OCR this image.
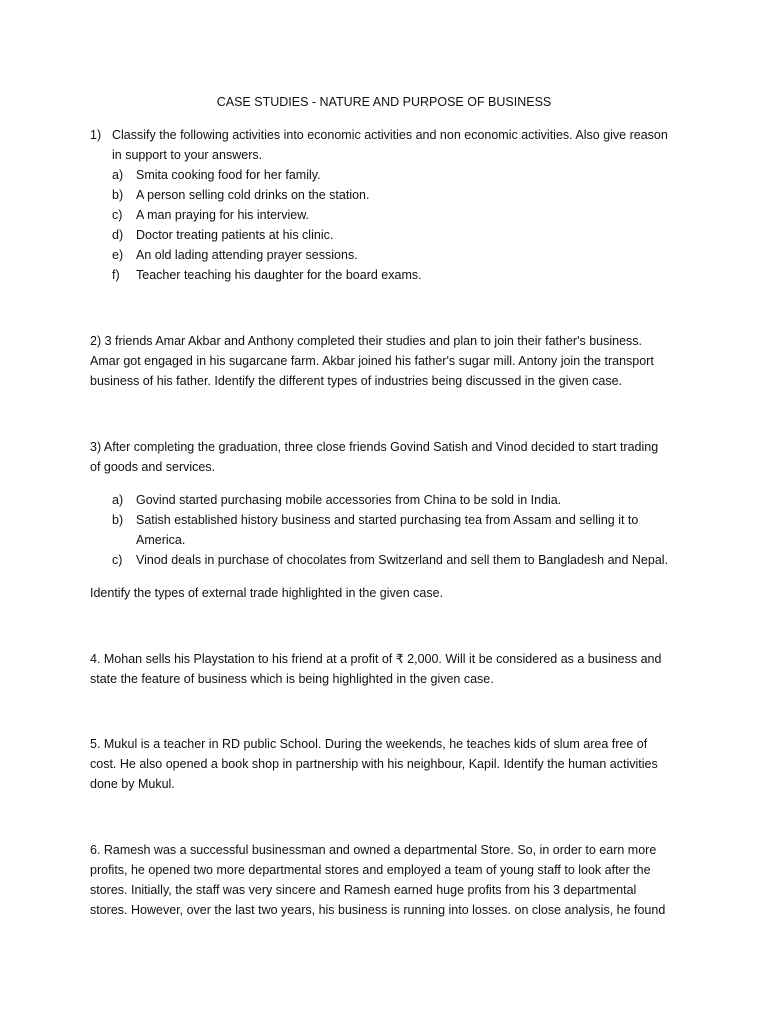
CASE STUDIES - NATURE AND PURPOSE OF BUSINESS
1) Classify the following activities into economic activities and non economic activities. Also give reason
in support to your answers.
a) Smita cooking food for her family.
b) A person selling cold drinks on the station.
c) A man praying for his interview.
d) Doctor treating patients at his clinic.
e) An old lading attending prayer sessions.
f) Teacher teaching his daughter for the board exams.
2) 3 friends Amar Akbar and Anthony completed their studies and plan to join their father's business.
Amar got engaged in his sugarcane farm. Akbar joined his father's sugar mill. Antony join the transport
business of his father. Identify the different types of industries being discussed in the given case.
3) After completing the graduation, three close friends Govind Satish and Vinod decided to start trading
of goods and services.
a) Govind started purchasing mobile accessories from China to be sold in India.
b) Satish established history business and started purchasing tea from Assam and selling it to
America.
c) Vinod deals in purchase of chocolates from Switzerland and sell them to Bangladesh and Nepal.
Identify the types of external trade highlighted in the given case.
4. Mohan sells his Playstation to his friend at a profit of ₹ 2,000. Will it be considered as a business and
state the feature of business which is being highlighted in the given case.
5. Mukul is a teacher in RD public School. During the weekends, he teaches kids of slum area free of
cost. He also opened a book shop in partnership with his neighbour, Kapil. Identify the human activities
done by Mukul.
6. Ramesh was a successful businessman and owned a departmental Store. So, in order to earn more
profits, he opened two more departmental stores and employed a team of young staff to look after the
stores. Initially, the staff was very sincere and Ramesh earned huge profits from his 3 departmental
stores. However, over the last two years, his business is running into losses. on close analysis, he found
